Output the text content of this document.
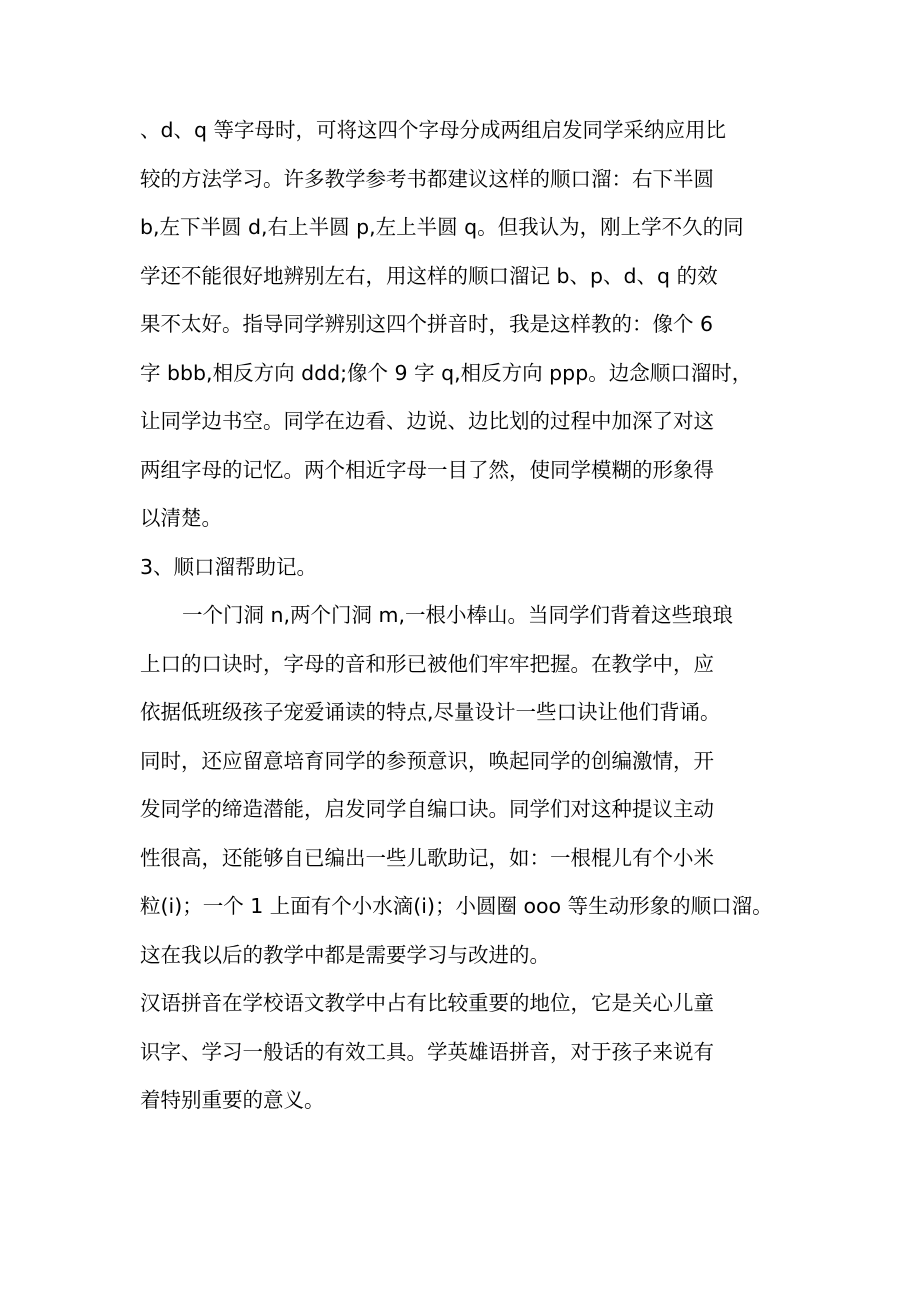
、d、q 等字母时，可将这四个字母分成两组启发同学采纳应用比
较的方法学习。许多教学参考书都建议这样的顺口溜：右下半圆
b,左下半圆 d,右上半圆 p,左上半圆 q。但我认为，刚上学不久的同
学还不能很好地辨别左右，用这样的顺口溜记 b、p、d、q 的效
果不太好。指导同学辨别这四个拼音时，我是这样教的：像个 6
字 bbb,相反方向 ddd;像个 9 字 q,相反方向 ppp。边念顺口溜时，
让同学边书空。同学在边看、边说、边比划的过程中加深了对这
两组字母的记忆。两个相近字母一目了然，使同学模糊的形象得
以清楚。
3、顺口溜帮助记。
一个门洞 n,两个门洞 m,一根小棒山。当同学们背着这些琅琅
上口的口诀时，字母的音和形已被他们牢牢把握。在教学中，应
依据低班级孩子宠爱诵读的特点,尽量设计一些口诀让他们背诵。
同时，还应留意培育同学的参预意识，唤起同学的创编激情，开
发同学的缔造潜能，启发同学自编口诀。同学们对这种提议主动
性很高，还能够自已编出一些儿歌助记，如：一根棍儿有个小米
粒(i)；一个 1 上面有个小水滴(i)；小圆圈 ooo 等生动形象的顺口溜。
这在我以后的教学中都是需要学习与改进的。
汉语拼音在学校语文教学中占有比较重要的地位，它是关心儿童
识字、学习一般话的有效工具。学英雄语拼音，对于孩子来说有
着特别重要的意义。
